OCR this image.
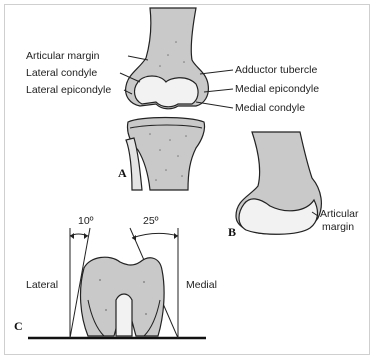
Articular margin
Lateral condyle
Lateral epicondyle
Adductor tubercle
Medial epicondyle
Medial condyle
A
Articular
margin
B
10º	25º
Lateral	Medial
C
